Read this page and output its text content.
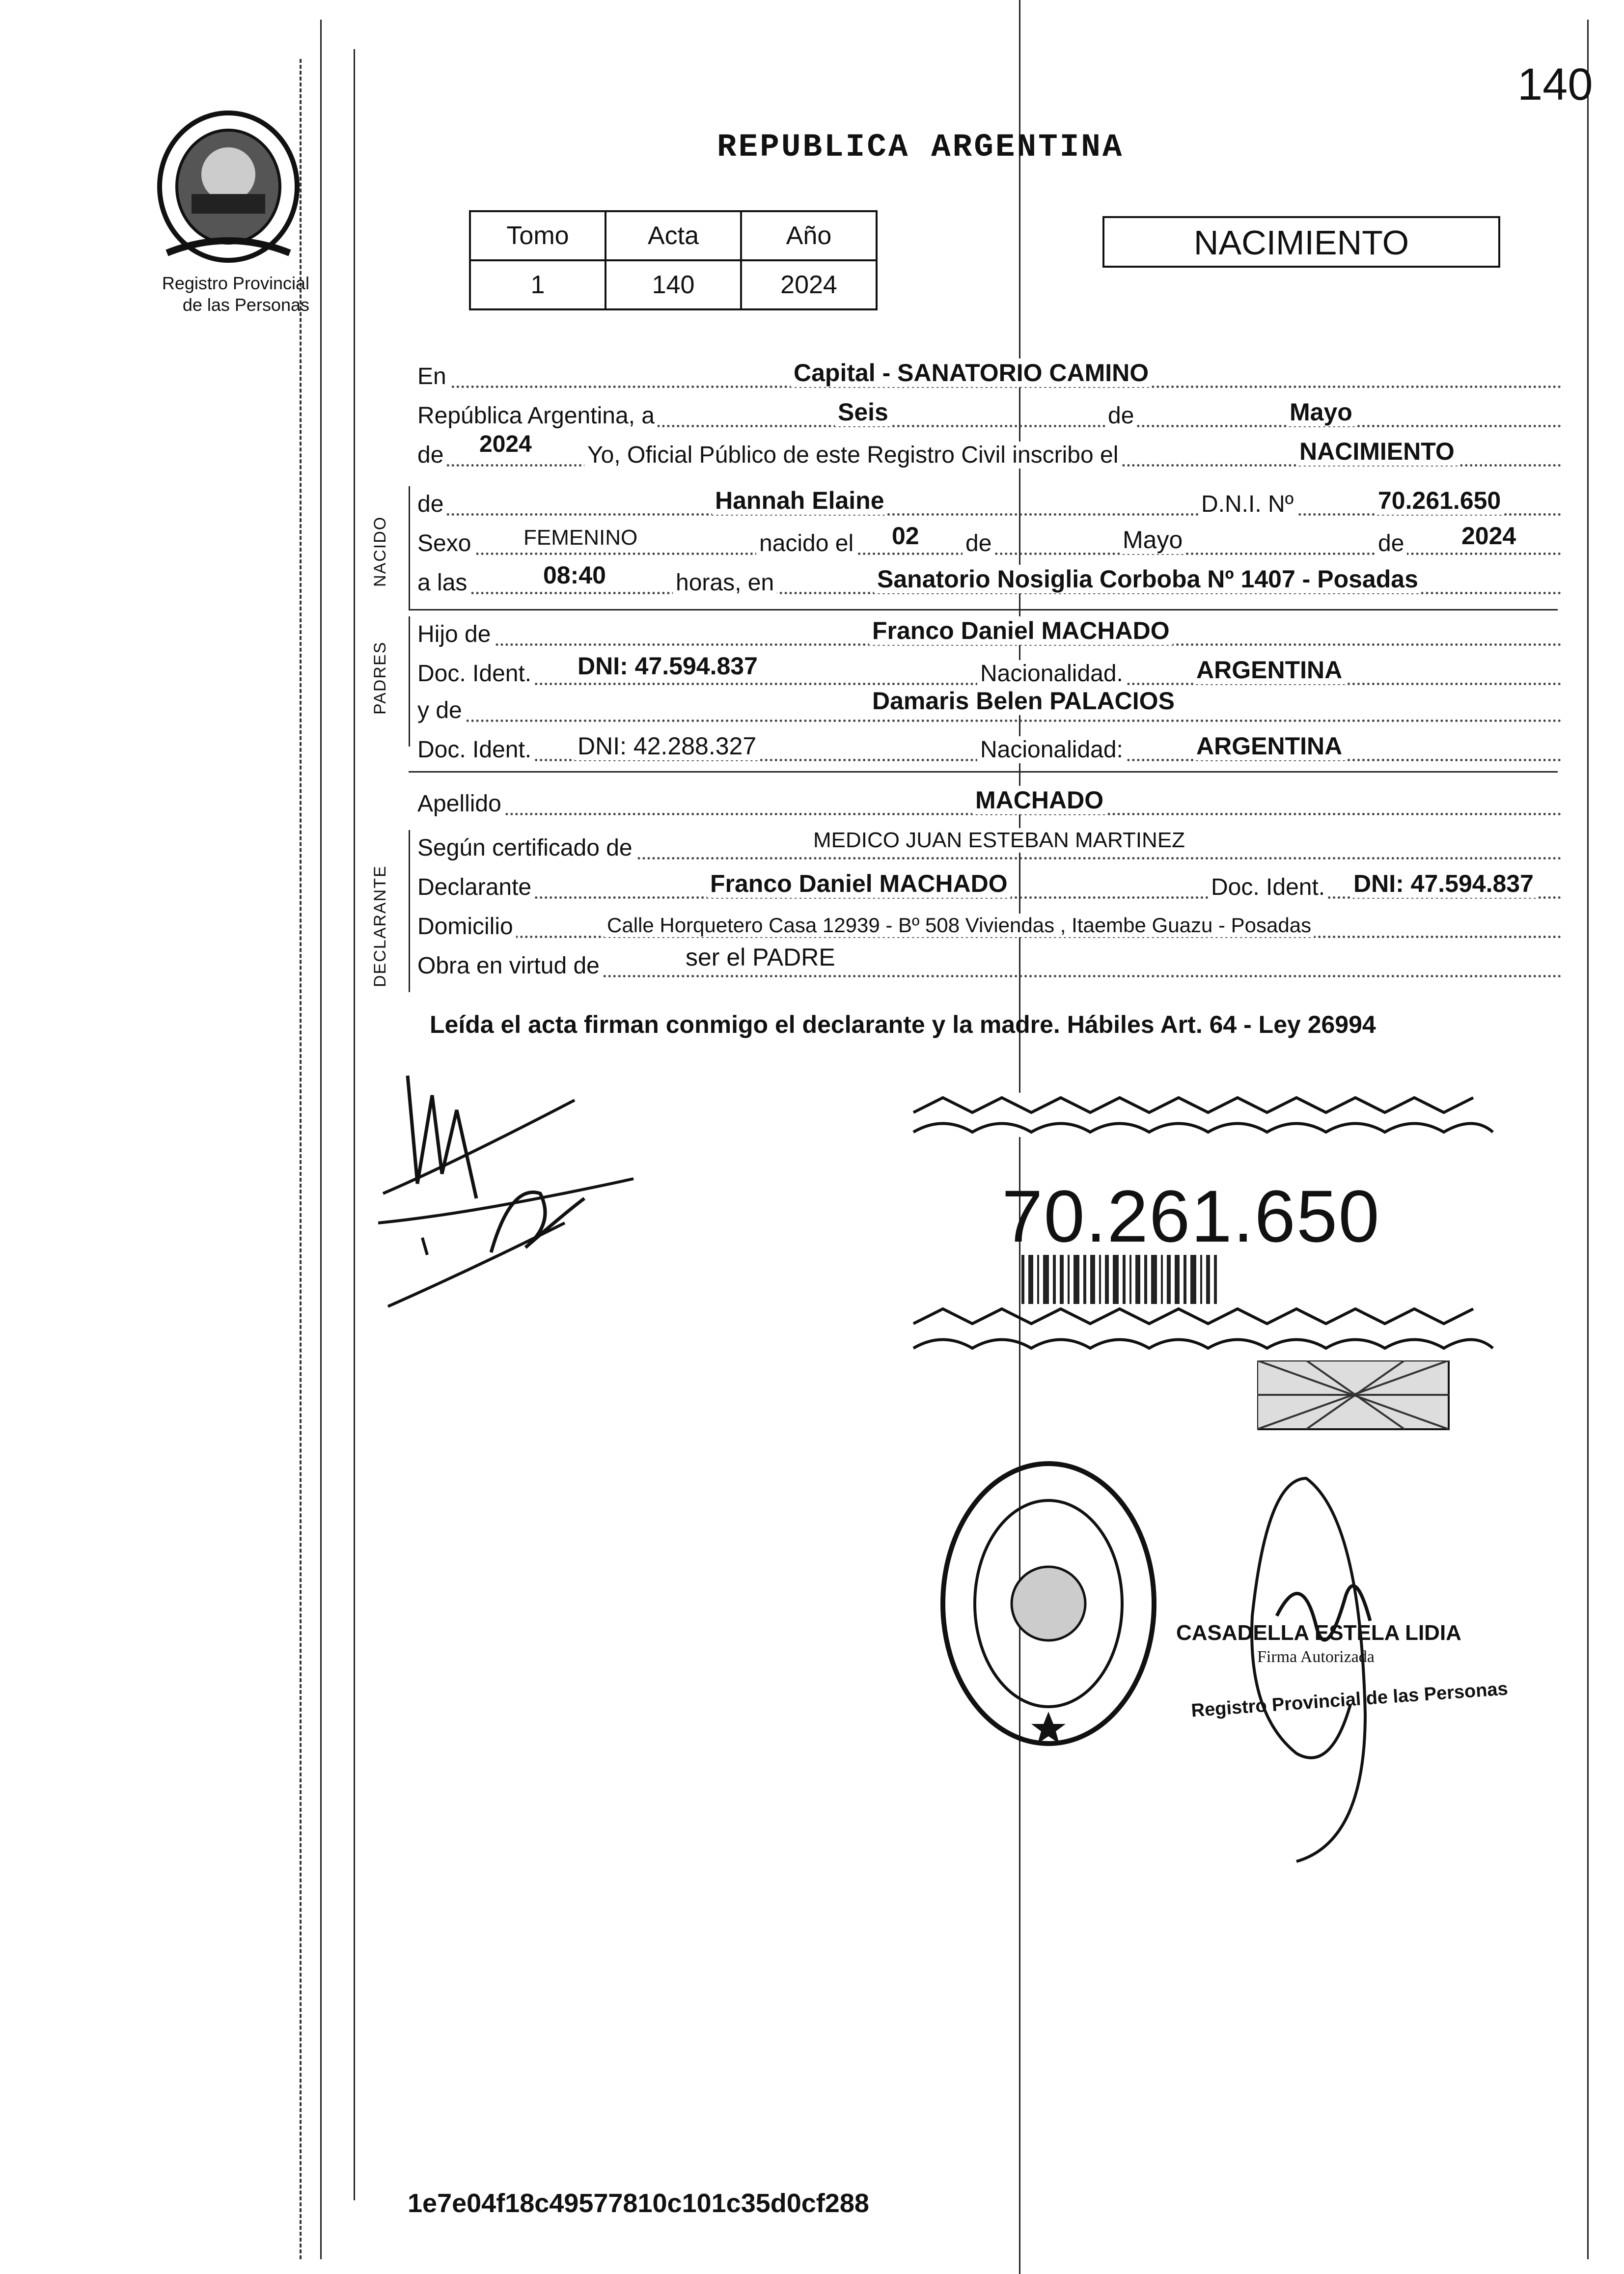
Registro Provincial
de las Personas
140
REPUBLICA ARGENTINA
Tomo	Acta	Año
1	140	2024
NACIMIENTO
En	Capital - SANATORIO CAMINO
República Argentina, a	Seis	de	Mayo
de 2024 Yo, Oficial Público de este Registro Civil inscribo el	NACIMIENTO
NACIDO
de	Hannah Elaine	D.N.I. Nº	70.261.650
Sexo FEMENINO	nacido el 02 de	Mayo	de 2024
a las	08:40	horas, en	Sanatorio Nosiglia Corboba Nº 1407 - Posadas
PADRES
Hijo de	Franco Daniel MACHADO
Doc. Ident. DNI: 47.594.837	Nacionalidad.	ARGENTINA
y de	Damaris Belen PALACIOS
Doc. Ident. DNI: 42.288.327	Nacionalidad:	ARGENTINA
Apellido	MACHADO
DECLARANTE
Según certificado de	MEDICO JUAN ESTEBAN MARTINEZ
Declarante	Franco Daniel MACHADO	Doc. Ident. DNI: 47.594.837
Domicilio	Calle Horquetero Casa 12939 - Bº 508 Viviendas , Itaembe Guazu - Posadas
Obra en virtud de	ser el PADRE
Leída el acta firman conmigo el declarante y la madre. Hábiles Art. 64 - Ley 26994
70.261.650
CASADELLA ESTELA LIDIA
Firma Autorizada
Registro Provincial de las Personas
1e7e04f18c49577810c101c35d0cf288
